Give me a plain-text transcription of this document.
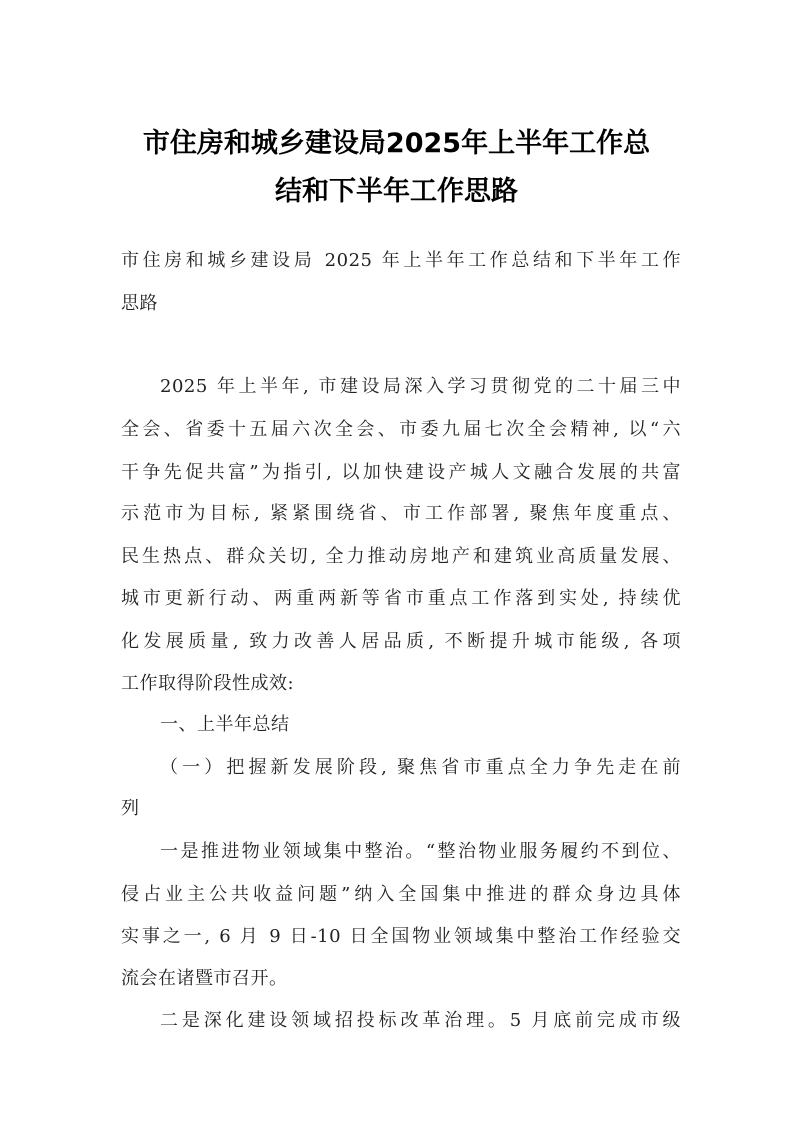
市住房和城乡建设局2025年上半年工作总
结和下半年工作思路
市住房和城乡建设局 2025 年上半年工作总结和下半年工作
思路
2025 年上半年, 市建设局深入学习贯彻党的二十届三中
全会、省委十五届六次全会、市委九届七次全会精神, 以“六
干争先促共富”为指引, 以加快建设产城人文融合发展的共富
示范市为目标, 紧紧围绕省、市工作部署, 聚焦年度重点、
民生热点、群众关切, 全力推动房地产和建筑业高质量发展、
城市更新行动、两重两新等省市重点工作落到实处, 持续优
化发展质量, 致力改善人居品质, 不断提升城市能级, 各项
工作取得阶段性成效:
一、上半年总结
（一）把握新发展阶段, 聚焦省市重点全力争先走在前
列
一是推进物业领域集中整治。“整治物业服务履约不到位、
侵占业主公共收益问题”纳入全国集中推进的群众身边具体
实事之一, 6 月 9 日-10 日全国物业领域集中整治工作经验交
流会在诸暨市召开。
二是深化建设领域招投标改革治理。5 月底前完成市级
